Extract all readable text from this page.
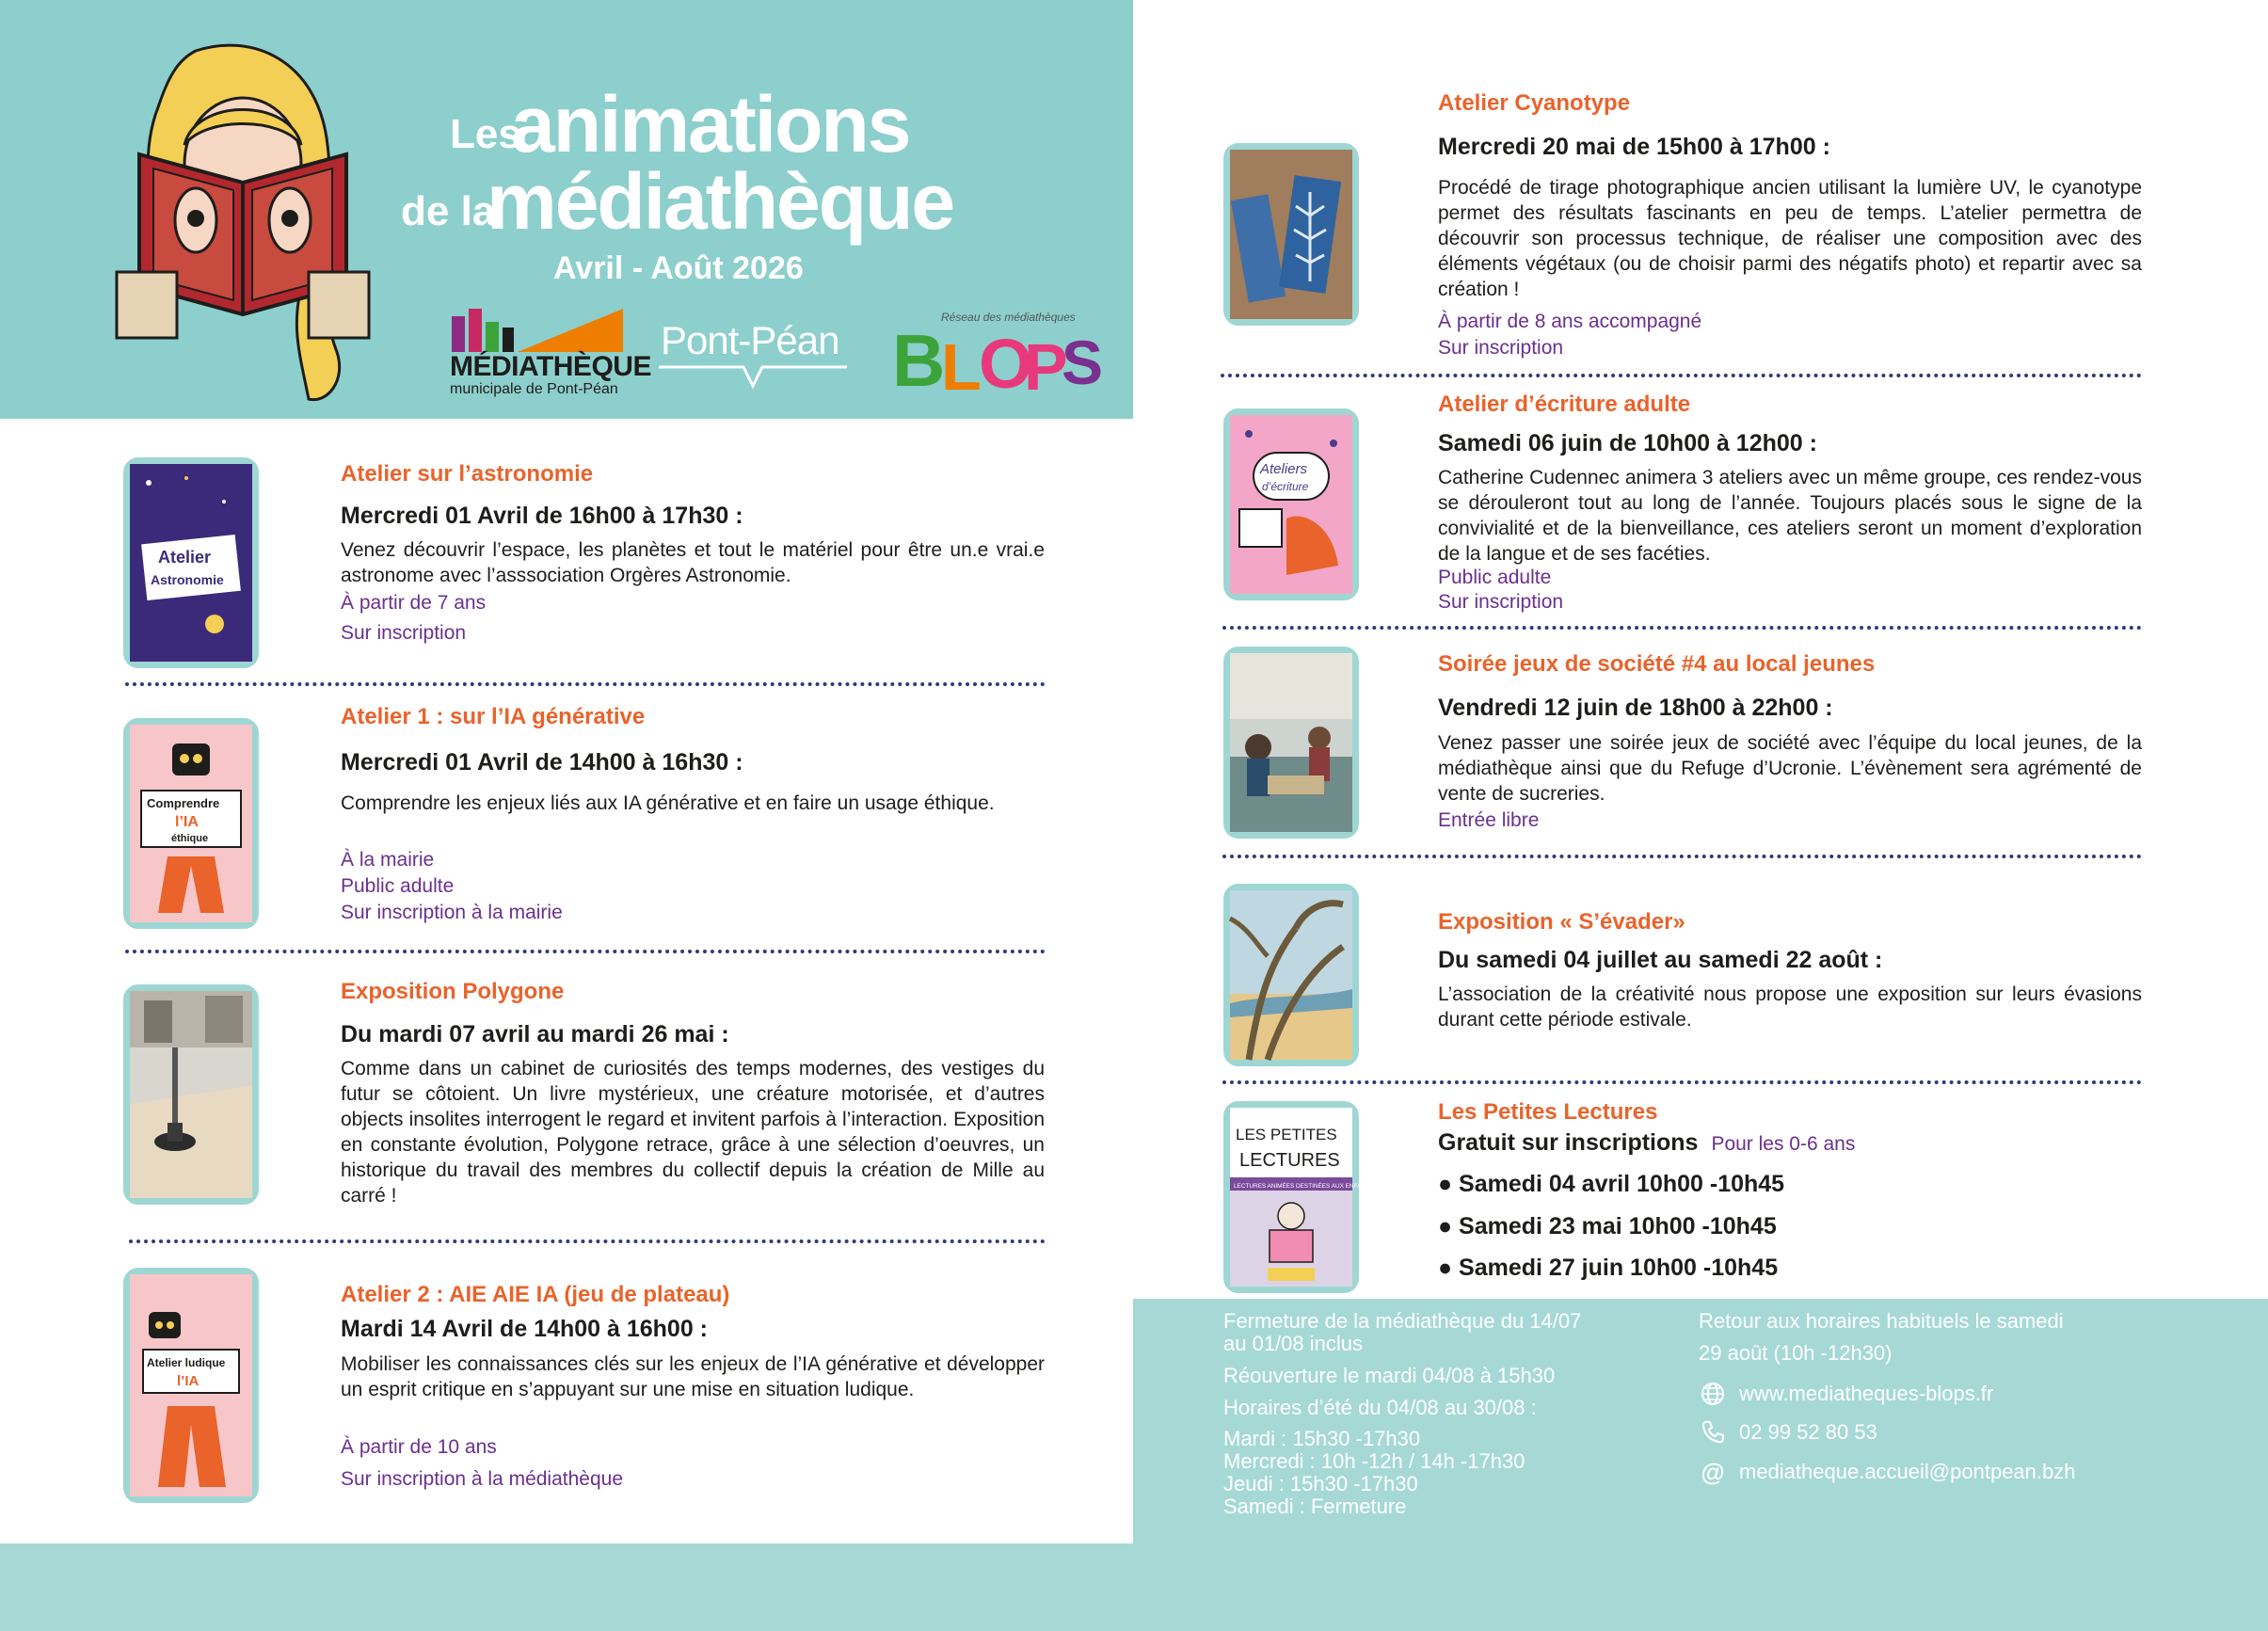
Les
animations
de la
médiathèque
Avril - Août 2026
MÉDIATHÈQUE
municipale de Pont-Péan
Pont-Péan B
L
O
P
S
Réseau des médiathèques
Atelier
Astronomie
Atelier sur l’astronomie
Mercredi 01 Avril de 16h00 à 17h30 :
Venez découvrir l’espace, les planètes et tout le matériel pour être un.e vrai.e astronome avec l’asssociation Orgères Astronomie.
À partir de 7 ans
Sur inscription
Comprendre
l’IA
éthique
Atelier 1 : sur l’IA générative
Mercredi 01 Avril de 14h00 à 16h30 :
Comprendre les enjeux liés aux IA générative et en faire un usage éthique.
À la mairie
Public adulte
Sur inscription à la mairie
Exposition Polygone
Du mardi 07 avril au mardi 26 mai :
Comme dans un cabinet de curiosités des temps modernes, des vestiges du futur se côtoient. Un livre mystérieux, une créature motorisée, et d’autres objects insolites interrogent le regard et invitent parfois à l’interaction. Exposition en constante évolution, Polygone retrace, grâce à une sélection d’oeuvres, un historique du travail des membres du collectif depuis la création de Mille au carré !
Atelier ludique
l’IA
Atelier 2 : AIE AIE IA (jeu de plateau)
Mardi 14 Avril de 14h00 à 16h00 :
Mobiliser les connaissances clés sur les enjeux de l’IA générative et développer un esprit critique en s’appuyant sur une mise en situation ludique.
À partir de 10 ans
Sur inscription à la médiathèque
Atelier Cyanotype
Mercredi 20 mai de 15h00 à 17h00 :
Procédé de tirage photographique ancien utilisant la lumière UV, le cyanotype permet des résultats fascinants en peu de temps. L’atelier permettra de découvrir son processus technique, de réaliser une composition avec des éléments végétaux (ou de choisir parmi des négatifs photo) et repartir avec sa création !
À partir de 8 ans accompagné
Sur inscription
Ateliers
d’écriture
Atelier d’écriture adulte
Samedi 06 juin de 10h00 à 12h00 :
Catherine Cudennec animera 3 ateliers avec un même groupe, ces rendez-vous se dérouleront tout au long de l’année. Toujours placés sous le signe de la convivialité et de la bienveillance, ces ateliers seront un moment d’exploration de la langue et de ses facéties.
Public adulte
Sur inscription
Soirée jeux de société #4 au local jeunes
Vendredi 12 juin de 18h00 à 22h00 :
Venez passer une soirée jeux de société avec l’équipe du local jeunes, de la médiathèque ainsi que du Refuge d’Ucronie. L’évènement sera agrémenté de vente de sucreries.
Entrée libre
Exposition « S’évader»
Du samedi 04 juillet au samedi 22 août :
L’association de la créativité nous propose une exposition sur leurs évasions durant cette période estivale.
LES PETITES
LECTURES
LECTURES ANIMÉES DESTINÉES AUX ENFANTS
Les Petites Lectures
Gratuit sur inscriptions Pour les 0-6 ans
● Samedi 04 avril 10h00 -10h45
● Samedi 23 mai 10h00 -10h45
● Samedi 27 juin 10h00 -10h45
Fermeture de la médiathèque du 14/07
au 01/08 inclus
Réouverture le mardi 04/08 à 15h30
Horaires d’été du 04/08 au 30/08 :
Mardi : 15h30 -17h30
Mercredi : 10h -12h / 14h -17h30
Jeudi : 15h30 -17h30
Samedi : Fermeture
Retour aux horaires habituels le samedi
29 août (10h -12h30)
www.mediatheques-blops.fr
02 99 52 80 53
@ mediatheque.accueil@pontpean.bzh
